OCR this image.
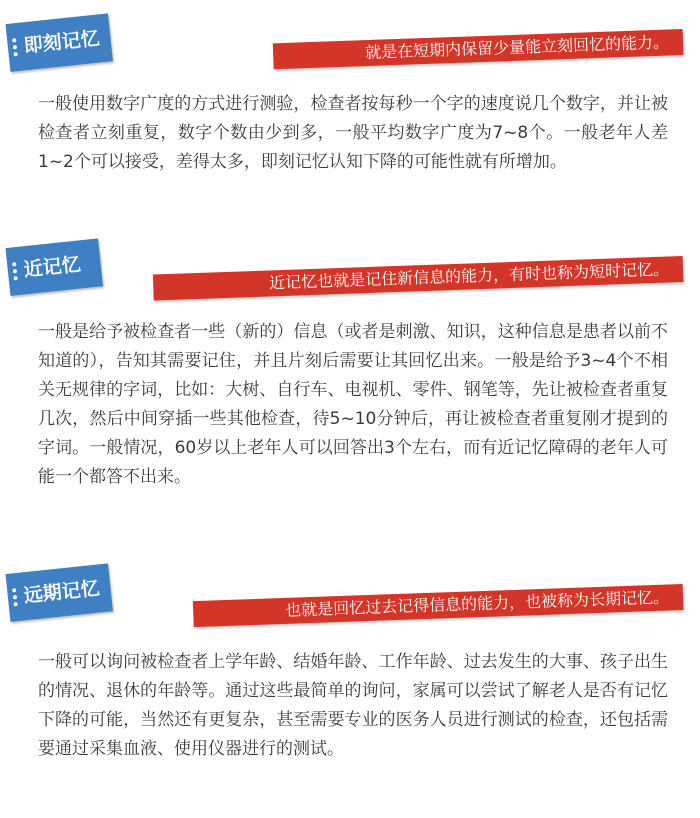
即刻记忆	就是在短期内保留少量能立刻回忆的能力。

一般使用数字广度的方式进行测验，检查者按每秒一个字的速度说几个数字，并让被检查者立刻重复，数字个数由少到多，一般平均数字广度为7~8个。一般老年人差1~2个可以接受，差得太多，即刻记忆认知下降的可能性就有所增加。

近记忆	近记忆也就是记住新信息的能力，有时也称为短时记忆。

一般是给予被检查者一些（新的）信息（或者是刺激、知识，这种信息是患者以前不知道的），告知其需要记住，并且片刻后需要让其回忆出来。一般是给予3~4个不相关无规律的字词，比如：大树、自行车、电视机、零件、钢笔等，先让被检查者重复几次，然后中间穿插一些其他检查，待5~10分钟后，再让被检查者重复刚才提到的字词。一般情况，60岁以上老年人可以回答出3个左右，而有近记忆障碍的老年人可能一个都答不出来。

远期记忆	也就是回忆过去记得信息的能力，也被称为长期记忆。

一般可以询问被检查者上学年龄、结婚年龄、工作年龄、过去发生的大事、孩子出生的情况、退休的年龄等。通过这些最简单的询问，家属可以尝试了解老人是否有记忆下降的可能，当然还有更复杂，甚至需要专业的医务人员进行测试的检查，还包括需要通过采集血液、使用仪器进行的测试。
